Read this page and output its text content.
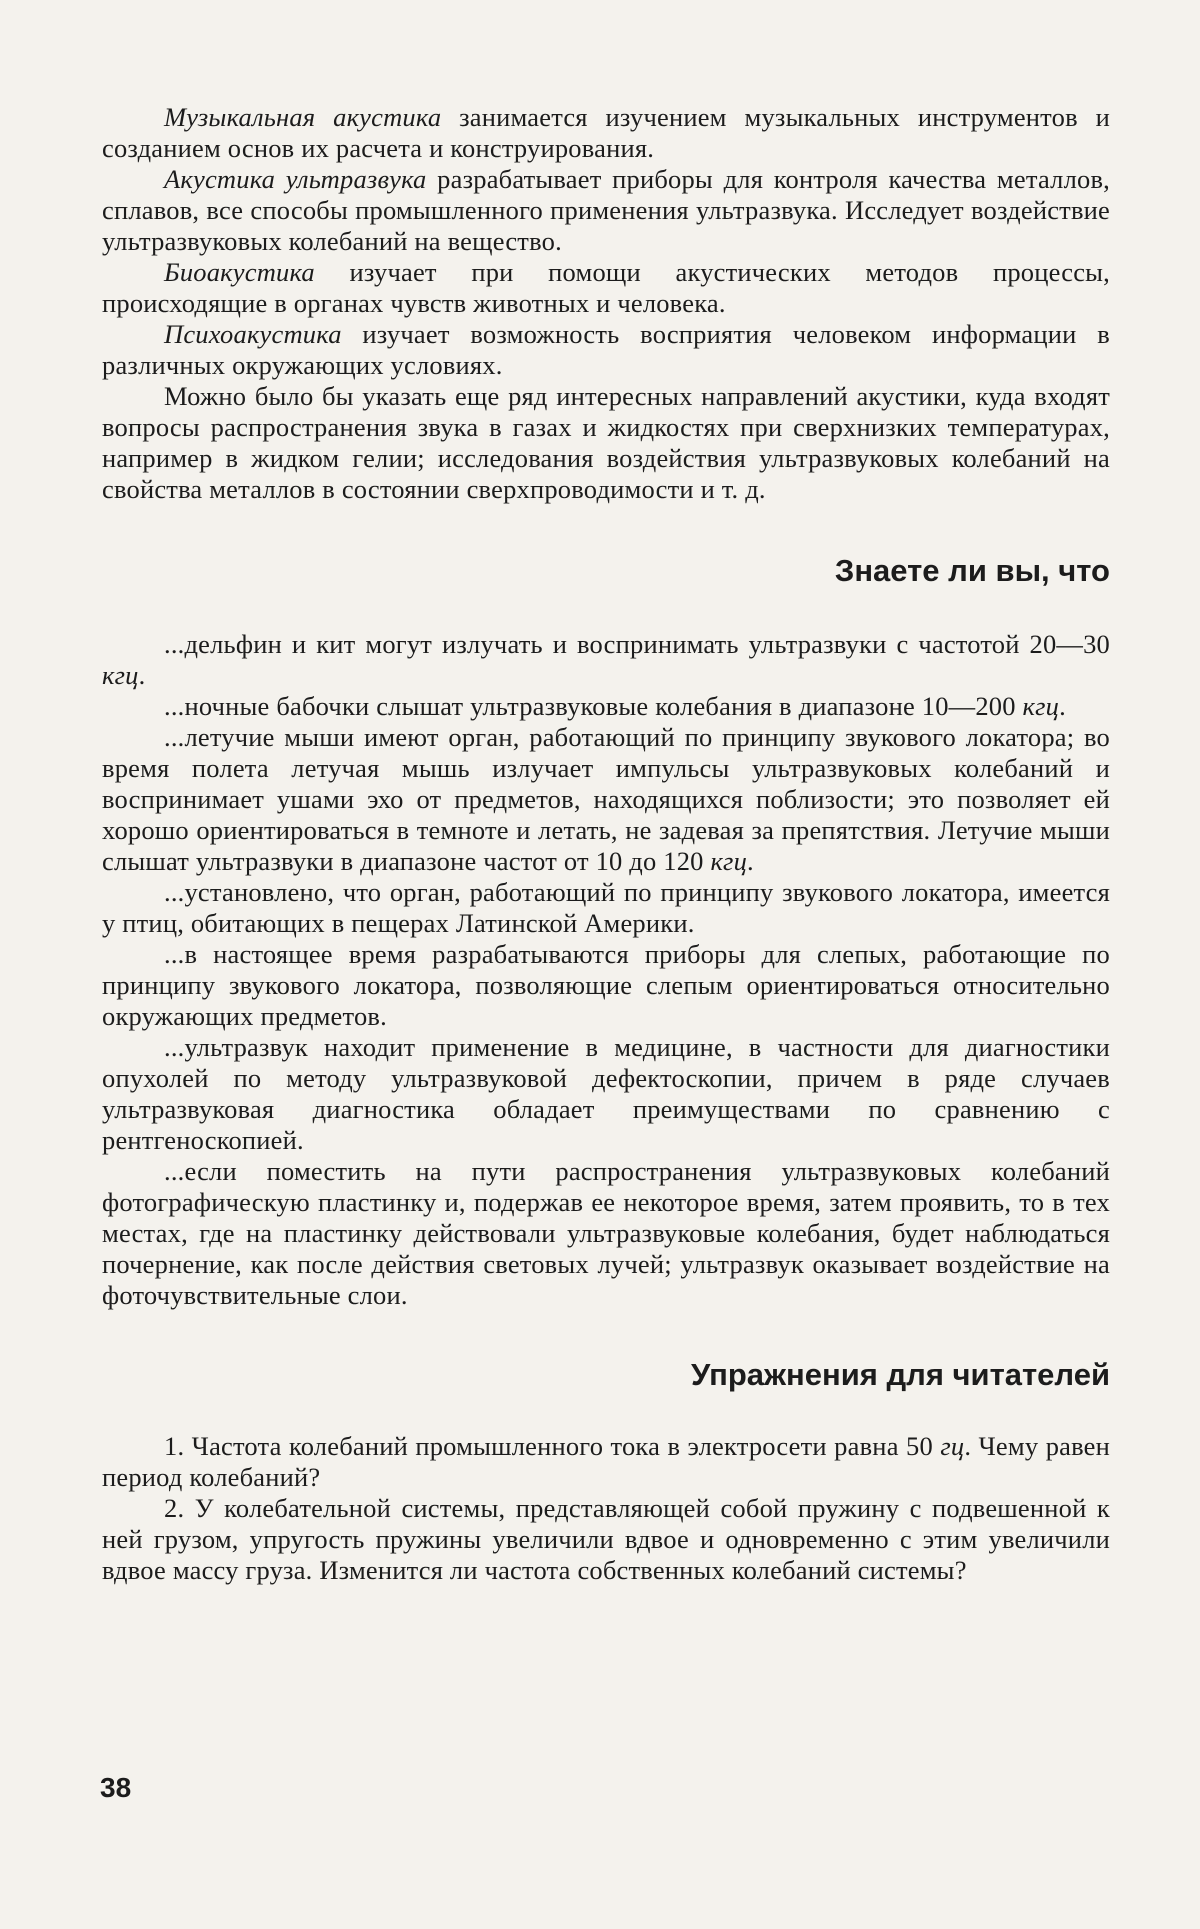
Музыкальная акустика занимается изучением музыкальных инструментов и созданием основ их расчета и конструирования.

Акустика ультразвука разрабатывает приборы для контроля качества металлов, сплавов, все способы промышленного применения ультразвука. Исследует воздействие ультразвуковых колебаний на вещество.

Биоакустика изучает при помощи акустических методов процессы, происходящие в органах чувств животных и человека.

Психоакустика изучает возможность восприятия человеком информации в различных окружающих условиях.

Можно было бы указать еще ряд интересных направлений акустики, куда входят вопросы распространения звука в газах и жидкостях при сверхнизких температурах, например в жидком гелии; исследования воздействия ультразвуковых колебаний на свойства металлов в состоянии сверхпроводимости и т. д.

Знаете ли вы, что

...дельфин и кит могут излучать и воспринимать ультразвуки с частотой 20—30 кгц.

...ночные бабочки слышат ультразвуковые колебания в диапазоне 10—200 кгц.

...летучие мыши имеют орган, работающий по принципу звукового локатора; во время полета летучая мышь излучает импульсы ультразвуковых колебаний и воспринимает ушами эхо от предметов, находящихся поблизости; это позволяет ей хорошо ориентироваться в темноте и летать, не задевая за препятствия. Летучие мыши слышат ультразвуки в диапазоне частот от 10 до 120 кгц.

...установлено, что орган, работающий по принципу звукового локатора, имеется у птиц, обитающих в пещерах Латинской Америки.

...в настоящее время разрабатываются приборы для слепых, работающие по принципу звукового локатора, позволяющие слепым ориентироваться относительно окружающих предметов.

...ультразвук находит применение в медицине, в частности для диагностики опухолей по методу ультразвуковой дефектоскопии, причем в ряде случаев ультразвуковая диагностика обладает преимуществами по сравнению с рентгеноскопией.

...если поместить на пути распространения ультразвуковых колебаний фотографическую пластинку и, подержав ее некоторое время, затем проявить, то в тех местах, где на пластинку действовали ультразвуковые колебания, будет наблюдаться почернение, как после действия световых лучей; ультразвук оказывает воздействие на фоточувствительные слои.

Упражнения для читателей

1. Частота колебаний промышленного тока в электросети равна 50 гц. Чему равен период колебаний?

2. У колебательной системы, представляющей собой пружину с подвешенной к ней грузом, упругость пружины увеличили вдвое и одновременно с этим увеличили вдвое массу груза. Изменится ли частота собственных колебаний системы?

38
